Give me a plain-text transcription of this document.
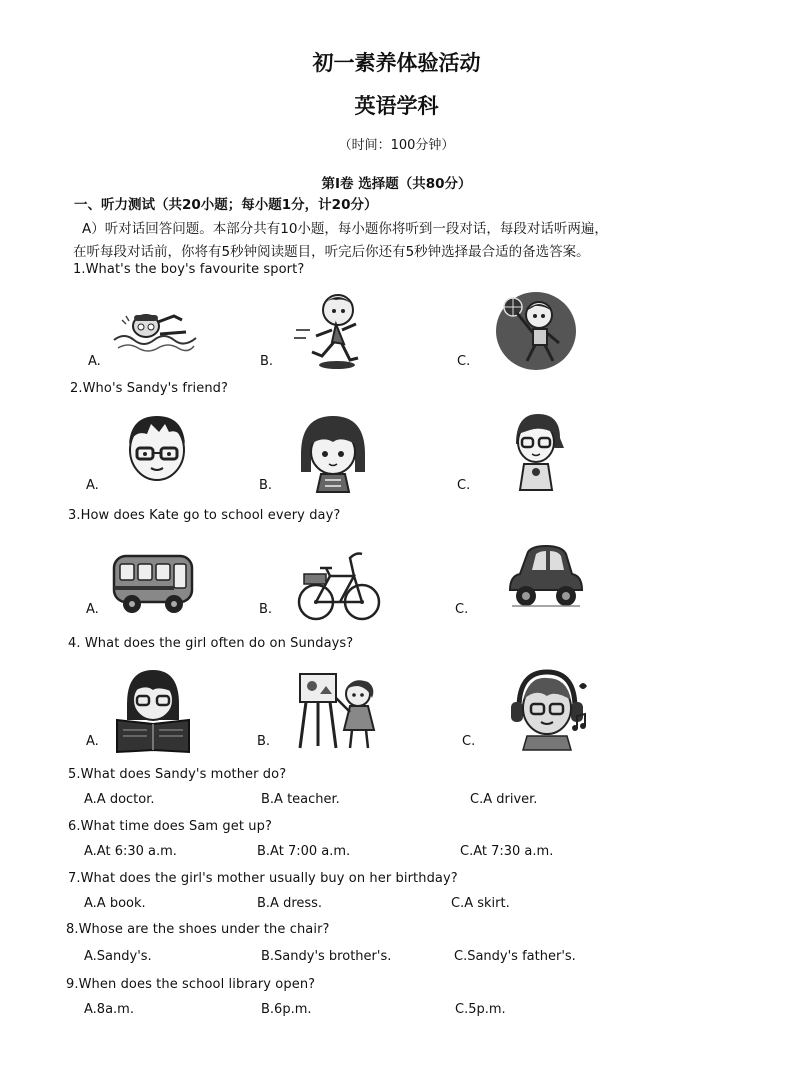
初一素养体验活动
英语学科
（时间：100分钟）
第I卷 选择题（共80分）
一、听力测试（共20小题；每小题1分，计20分）
A）听对话回答问题。本部分共有10小题，每小题你将听到一段对话，每段对话听两遍，
在听每段对话前，你将有5秒钟阅读题目，听完后你还有5秒钟选择最合适的备选答案。
1.What's the boy's favourite sport?
A.	B.	C.
2.Who's Sandy's friend?
A.	B.	C.
3.How does Kate go to school every day?
A.	B.	C.
4. What does the girl often do on Sundays?
A.	B.	C.
5.What does Sandy's mother do?
A.A doctor.	B.A teacher.	C.A driver.
6.What time does Sam get up?
A.At 6:30 a.m.	B.At 7:00 a.m.	C.At 7:30 a.m.
7.What does the girl's mother usually buy on her birthday?
A.A book.	B.A dress.	C.A skirt.
8.Whose are the shoes under the chair?
A.Sandy's.	B.Sandy's brother's.	C.Sandy's father's.
9.When does the school library open?
A.8a.m.	B.6p.m.	C.5p.m.
